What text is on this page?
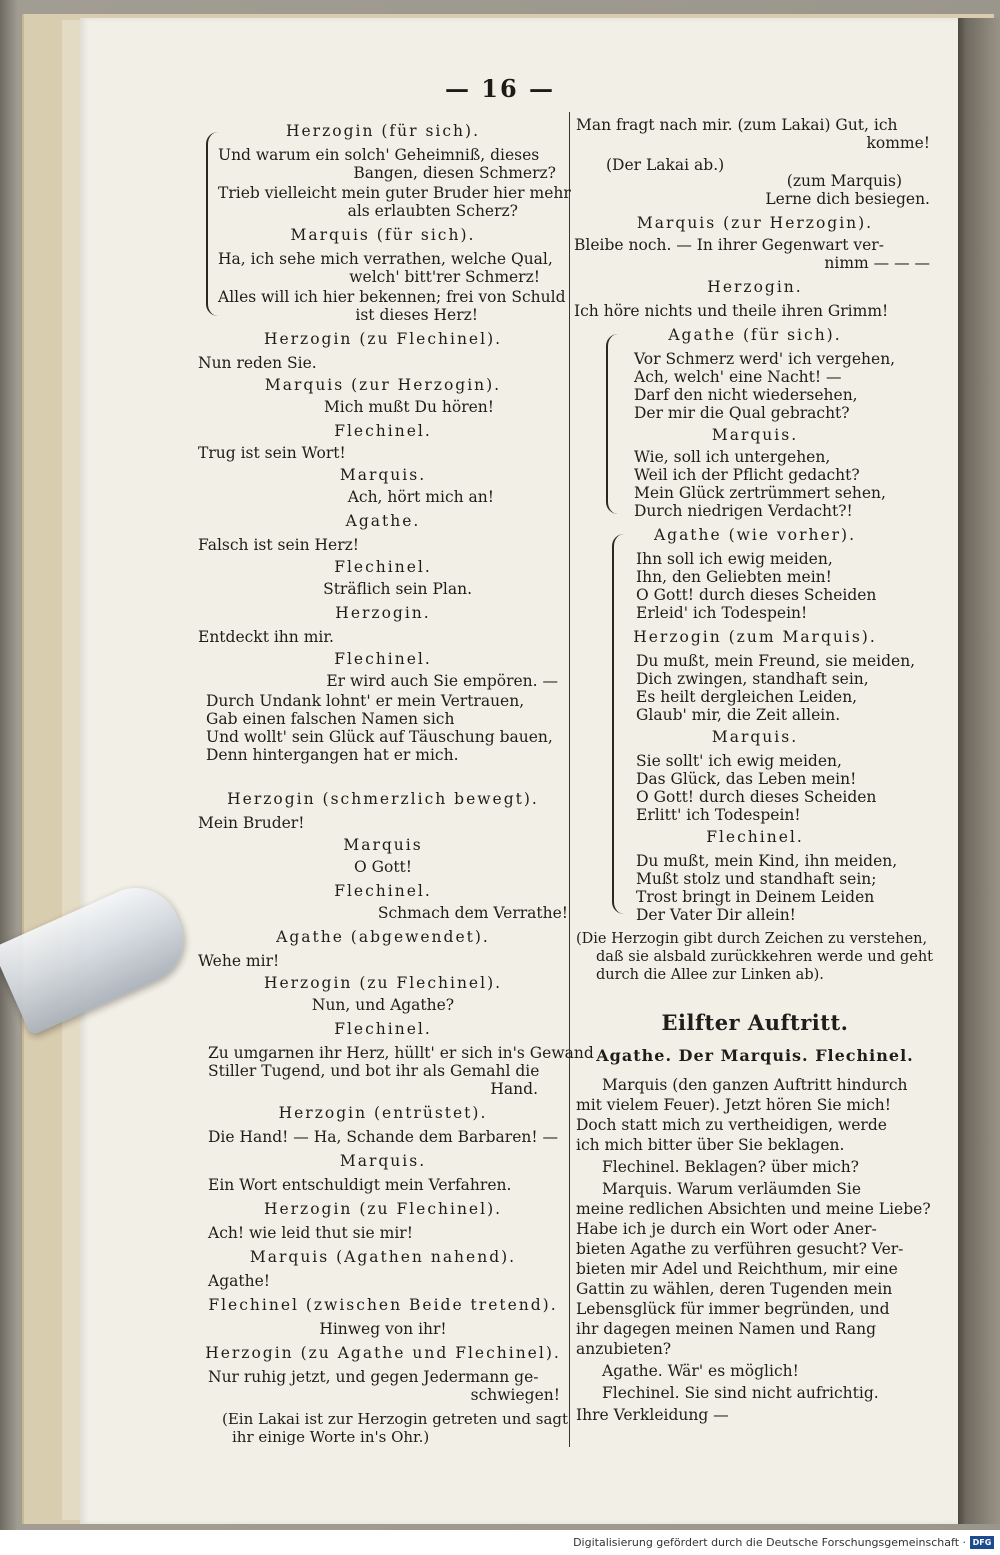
— 16 —
Herzogin (für sich).
Und warum ein solch' Geheimniß, dieses
Bangen, diesen Schmerz?
Trieb vielleicht mein guter Bruder hier mehr
als erlaubten Scherz?
Marquis (für sich).
Ha, ich sehe mich verrathen, welche Qual,
welch' bitt'rer Schmerz!
Alles will ich hier bekennen; frei von Schuld
ist dieses Herz!
Herzogin (zu Flechinel).
Nun reden Sie.
Marquis (zur Herzogin).
Mich mußt Du hören!
Flechinel.
Trug ist sein Wort!
Marquis.
Ach, hört mich an!
Agathe.
Falsch ist sein Herz!
Flechinel.
Sträflich sein Plan.
Herzogin.
Entdeckt ihn mir.
Flechinel.
Er wird auch Sie empören. —
Durch Undank lohnt' er mein Vertrauen,
Gab einen falschen Namen sich
Und wollt' sein Glück auf Täuschung bauen,
Denn hintergangen hat er mich.
Herzogin (schmerzlich bewegt).
Mein Bruder!
Marquis
O Gott!
Flechinel.
Schmach dem Verrathe!
Agathe (abgewendet).
Wehe mir!
Herzogin (zu Flechinel).
Nun, und Agathe?
Flechinel.
Zu umgarnen ihr Herz, hüllt' er sich in's Gewand
Stiller Tugend, und bot ihr als Gemahl die
Hand.
Herzogin (entrüstet).
Die Hand! — Ha, Schande dem Barbaren! —
Marquis.
Ein Wort entschuldigt mein Verfahren.
Herzogin (zu Flechinel).
Ach! wie leid thut sie mir!
Marquis (Agathen nahend).
Agathe!
Flechinel (zwischen Beide tretend).
Hinweg von ihr!
Herzogin (zu Agathe und Flechinel).
Nur ruhig jetzt, und gegen Jedermann ge-
schwiegen!
(Ein Lakai ist zur Herzogin getreten und sagt
ihr einige Worte in's Ohr.)
Man fragt nach mir. (zum Lakai) Gut, ich
komme!
(Der Lakai ab.)
(zum Marquis)
Lerne dich besiegen.
Marquis (zur Herzogin).
Bleibe noch. — In ihrer Gegenwart ver-
nimm — — —
Herzogin.
Ich höre nichts und theile ihren Grimm!
Agathe (für sich).
Vor Schmerz werd' ich vergehen,
Ach, welch' eine Nacht! —
Darf den nicht wiedersehen,
Der mir die Qual gebracht?
Marquis.
Wie, soll ich untergehen,
Weil ich der Pflicht gedacht?
Mein Glück zertrümmert sehen,
Durch niedrigen Verdacht?!
Agathe (wie vorher).
Ihn soll ich ewig meiden,
Ihn, den Geliebten mein!
O Gott! durch dieses Scheiden
Erleid' ich Todespein!
Herzogin (zum Marquis).
Du mußt, mein Freund, sie meiden,
Dich zwingen, standhaft sein,
Es heilt dergleichen Leiden,
Glaub' mir, die Zeit allein.
Marquis.
Sie sollt' ich ewig meiden,
Das Glück, das Leben mein!
O Gott! durch dieses Scheiden
Erlitt' ich Todespein!
Flechinel.
Du mußt, mein Kind, ihn meiden,
Mußt stolz und standhaft sein;
Trost bringt in Deinem Leiden
Der Vater Dir allein!
(Die Herzogin gibt durch Zeichen zu verstehen,
daß sie alsbald zurückkehren werde und geht
durch die Allee zur Linken ab).
Eilfter Auftritt.
Agathe. Der Marquis. Flechinel.
Marquis (den ganzen Auftritt hindurch
mit vielem Feuer). Jetzt hören Sie mich!
Doch statt mich zu vertheidigen, werde
ich mich bitter über Sie beklagen.
Flechinel. Beklagen? über mich?
Marquis. Warum verläumden Sie
meine redlichen Absichten und meine Liebe?
Habe ich je durch ein Wort oder Aner-
bieten Agathe zu verführen gesucht? Ver-
bieten mir Adel und Reichthum, mir eine
Gattin zu wählen, deren Tugenden mein
Lebensglück für immer begründen, und
ihr dagegen meinen Namen und Rang
anzubieten?
Agathe. Wär' es möglich!
Flechinel. Sie sind nicht aufrichtig.
Ihre Verkleidung —
Digitalisierung gefördert durch die Deutsche Forschungsgemeinschaft · DFG
